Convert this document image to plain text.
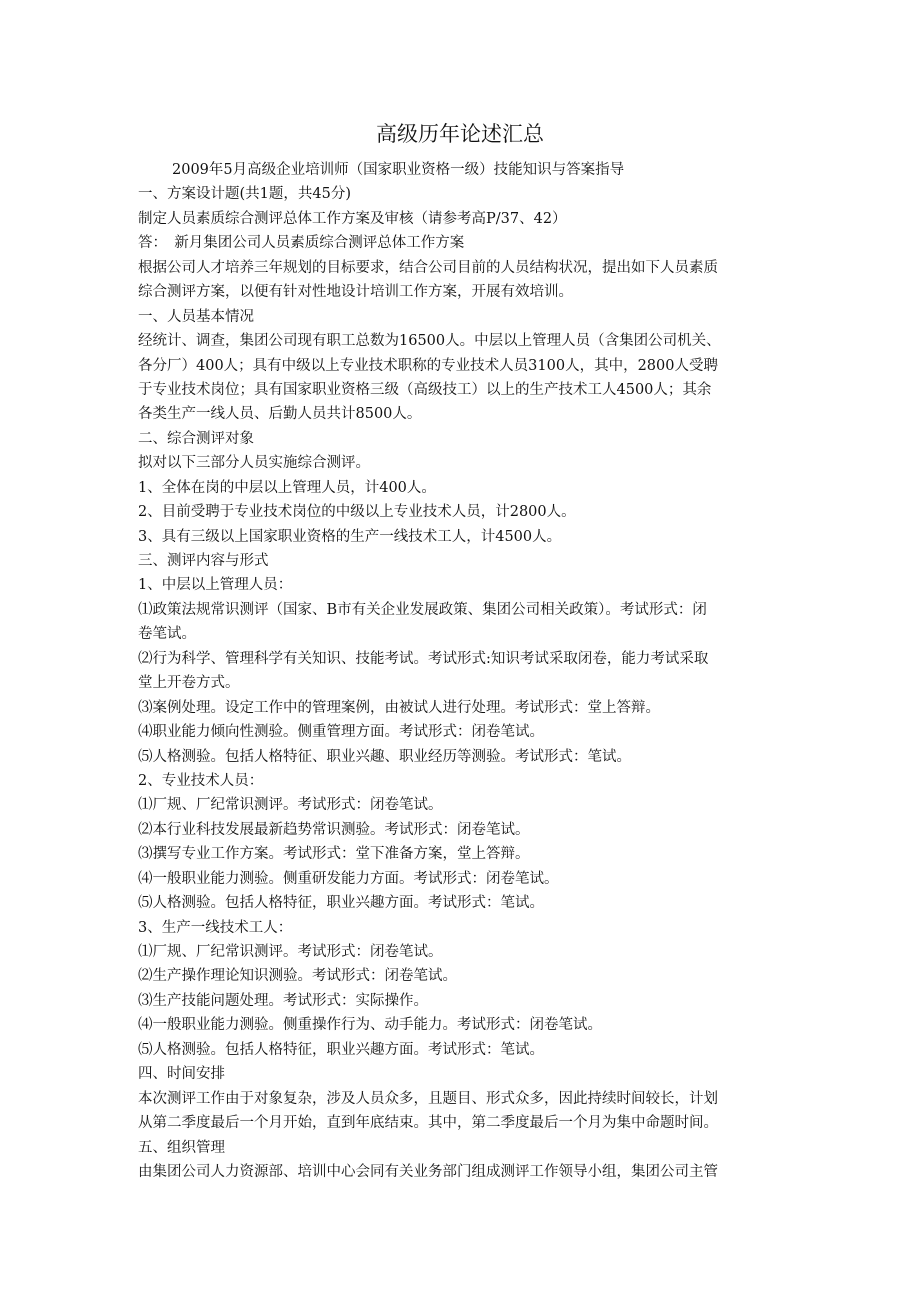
高级历年论述汇总
2009年5月高级企业培训师（国家职业资格一级）技能知识与答案指导
一、方案设计题(共1题，共45分)
制定人员素质综合测评总体工作方案及审核（请参考高P/37、42）
答：　新月集团公司人员素质综合测评总体工作方案
根据公司人才培养三年规划的目标要求，结合公司目前的人员结构状况，提出如下人员素质
综合测评方案，以便有针对性地设计培训工作方案，开展有效培训。
一、人员基本情况
经统计、调查，集团公司现有职工总数为16500人。中层以上管理人员（含集团公司机关、
各分厂）400人；具有中级以上专业技术职称的专业技术人员3100人，其中，2800人受聘
于专业技术岗位；具有国家职业资格三级（高级技工）以上的生产技术工人4500人；其余
各类生产一线人员、后勤人员共计8500人。
二、综合测评对象
拟对以下三部分人员实施综合测评。
1、全体在岗的中层以上管理人员，计400人。
2、目前受聘于专业技术岗位的中级以上专业技术人员，计2800人。
3、具有三级以上国家职业资格的生产一线技术工人，计4500人。
三、测评内容与形式
1、中层以上管理人员：
⑴政策法规常识测评（国家、B市有关企业发展政策、集团公司相关政策）。考试形式：闭
卷笔试。
⑵行为科学、管理科学有关知识、技能考试。考试形式:知识考试采取闭卷，能力考试采取
堂上开卷方式。
⑶案例处理。设定工作中的管理案例，由被试人进行处理。考试形式：堂上答辩。
⑷职业能力倾向性测验。侧重管理方面。考试形式：闭卷笔试。
⑸人格测验。包括人格特征、职业兴趣、职业经历等测验。考试形式：笔试。
2、专业技术人员：
⑴厂规、厂纪常识测评。考试形式：闭卷笔试。
⑵本行业科技发展最新趋势常识测验。考试形式：闭卷笔试。
⑶撰写专业工作方案。考试形式：堂下准备方案，堂上答辩。
⑷一般职业能力测验。侧重研发能力方面。考试形式：闭卷笔试。
⑸人格测验。包括人格特征，职业兴趣方面。考试形式：笔试。
3、生产一线技术工人：
⑴厂规、厂纪常识测评。考试形式：闭卷笔试。
⑵生产操作理论知识测验。考试形式：闭卷笔试。
⑶生产技能问题处理。考试形式：实际操作。
⑷一般职业能力测验。侧重操作行为、动手能力。考试形式：闭卷笔试。
⑸人格测验。包括人格特征，职业兴趣方面。考试形式：笔试。
四、时间安排
本次测评工作由于对象复杂，涉及人员众多，且题目、形式众多，因此持续时间较长，计划
从第二季度最后一个月开始，直到年底结束。其中，第二季度最后一个月为集中命题时间。
五、组织管理
由集团公司人力资源部、培训中心会同有关业务部门组成测评工作领导小组，集团公司主管
